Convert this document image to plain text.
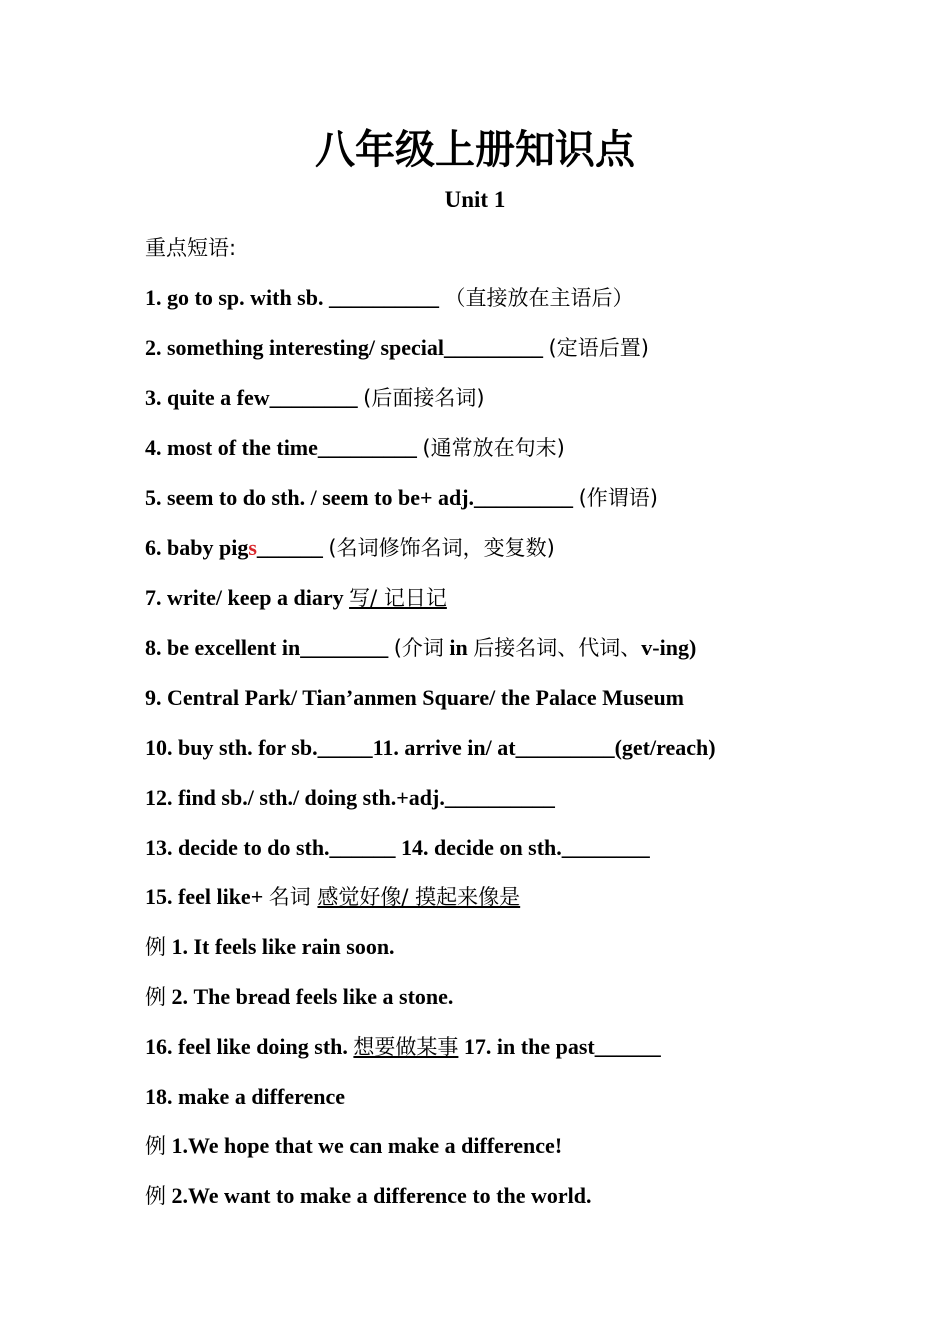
八年级上册知识点
Unit 1
重点短语:
1. go to sp. with sb. __________ （直接放在主语后）
2. something interesting/ special_________ (定语后置)
3. quite a few________ (后面接名词)
4. most of the time_________ (通常放在句末)
5. seem to do sth. / seem to be+ adj._________ (作谓语)
6. baby pigs______ (名词修饰名词，变复数)
7. write/ keep a diary 写/ 记日记
8. be excellent in________ (介词 in 后接名词、代词、v-ing)
9. Central Park/ Tian’anmen Square/ the Palace Museum
10. buy sth. for sb._____11. arrive in/ at_________(get/reach)
12. find sb./ sth./ doing sth.+adj.__________
13. decide to do sth.______ 14. decide on sth.________
15. feel like+ 名词 感觉好像/ 摸起来像是
例 1. It feels like rain soon.
例 2. The bread feels like a stone.
16. feel like doing sth. 想要做某事 17. in the past______
18. make a difference
例 1.We hope that we can make a difference!
例 2.We want to make a difference to the world.
